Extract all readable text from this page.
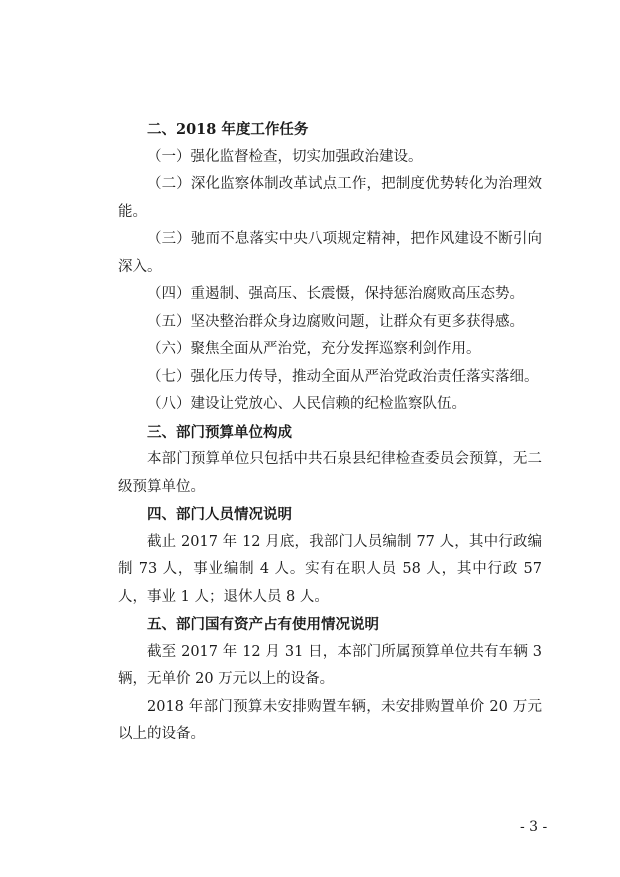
二、2018 年度工作任务

（一）强化监督检查，切实加强政治建设。

（二）深化监察体制改革试点工作，把制度优势转化为治理效能。

（三）驰而不息落实中央八项规定精神，把作风建设不断引向深入。

（四）重遏制、强高压、长震慑，保持惩治腐败高压态势。

（五）坚决整治群众身边腐败问题，让群众有更多获得感。

（六）聚焦全面从严治党，充分发挥巡察利剑作用。

（七）强化压力传导，推动全面从严治党政治责任落实落细。

（八）建设让党放心、人民信赖的纪检监察队伍。

三、部门预算单位构成

本部门预算单位只包括中共石泉县纪律检查委员会预算，无二级预算单位。

四、部门人员情况说明

截止 2017 年 12 月底，我部门人员编制 77 人，其中行政编制 73 人，事业编制 4 人。实有在职人员 58 人，其中行政 57 人，事业 1 人；退休人员 8 人。

五、部门国有资产占有使用情况说明

截至 2017 年 12 月 31 日，本部门所属预算单位共有车辆 3 辆，无单价 20 万元以上的设备。

2018 年部门预算未安排购置车辆，未安排购置单价 20 万元以上的设备。

- 3 -
